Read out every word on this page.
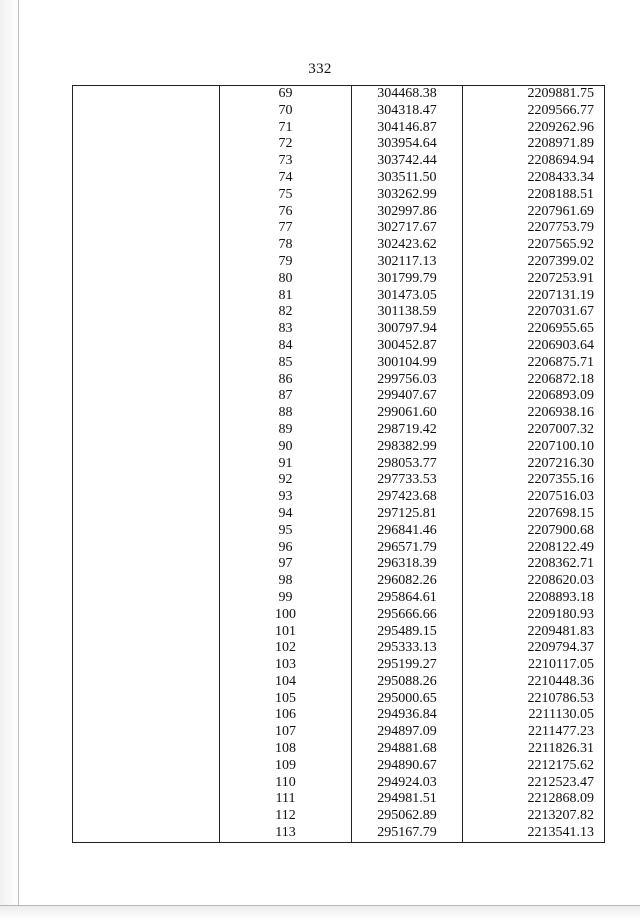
332
	69	304468.38	2209881.75
	70	304318.47	2209566.77
	71	304146.87	2209262.96
	72	303954.64	2208971.89
	73	303742.44	2208694.94
	74	303511.50	2208433.34
	75	303262.99	2208188.51
	76	302997.86	2207961.69
	77	302717.67	2207753.79
	78	302423.62	2207565.92
	79	302117.13	2207399.02
	80	301799.79	2207253.91
	81	301473.05	2207131.19
	82	301138.59	2207031.67
	83	300797.94	2206955.65
	84	300452.87	2206903.64
	85	300104.99	2206875.71
	86	299756.03	2206872.18
	87	299407.67	2206893.09
	88	299061.60	2206938.16
	89	298719.42	2207007.32
	90	298382.99	2207100.10
	91	298053.77	2207216.30
	92	297733.53	2207355.16
	93	297423.68	2207516.03
	94	297125.81	2207698.15
	95	296841.46	2207900.68
	96	296571.79	2208122.49
	97	296318.39	2208362.71
	98	296082.26	2208620.03
	99	295864.61	2208893.18
	100	295666.66	2209180.93
	101	295489.15	2209481.83
	102	295333.13	2209794.37
	103	295199.27	2210117.05
	104	295088.26	2210448.36
	105	295000.65	2210786.53
	106	294936.84	2211130.05
	107	294897.09	2211477.23
	108	294881.68	2211826.31
	109	294890.67	2212175.62
	110	294924.03	2212523.47
	111	294981.51	2212868.09
	112	295062.89	2213207.82
	113	295167.79	2213541.13
